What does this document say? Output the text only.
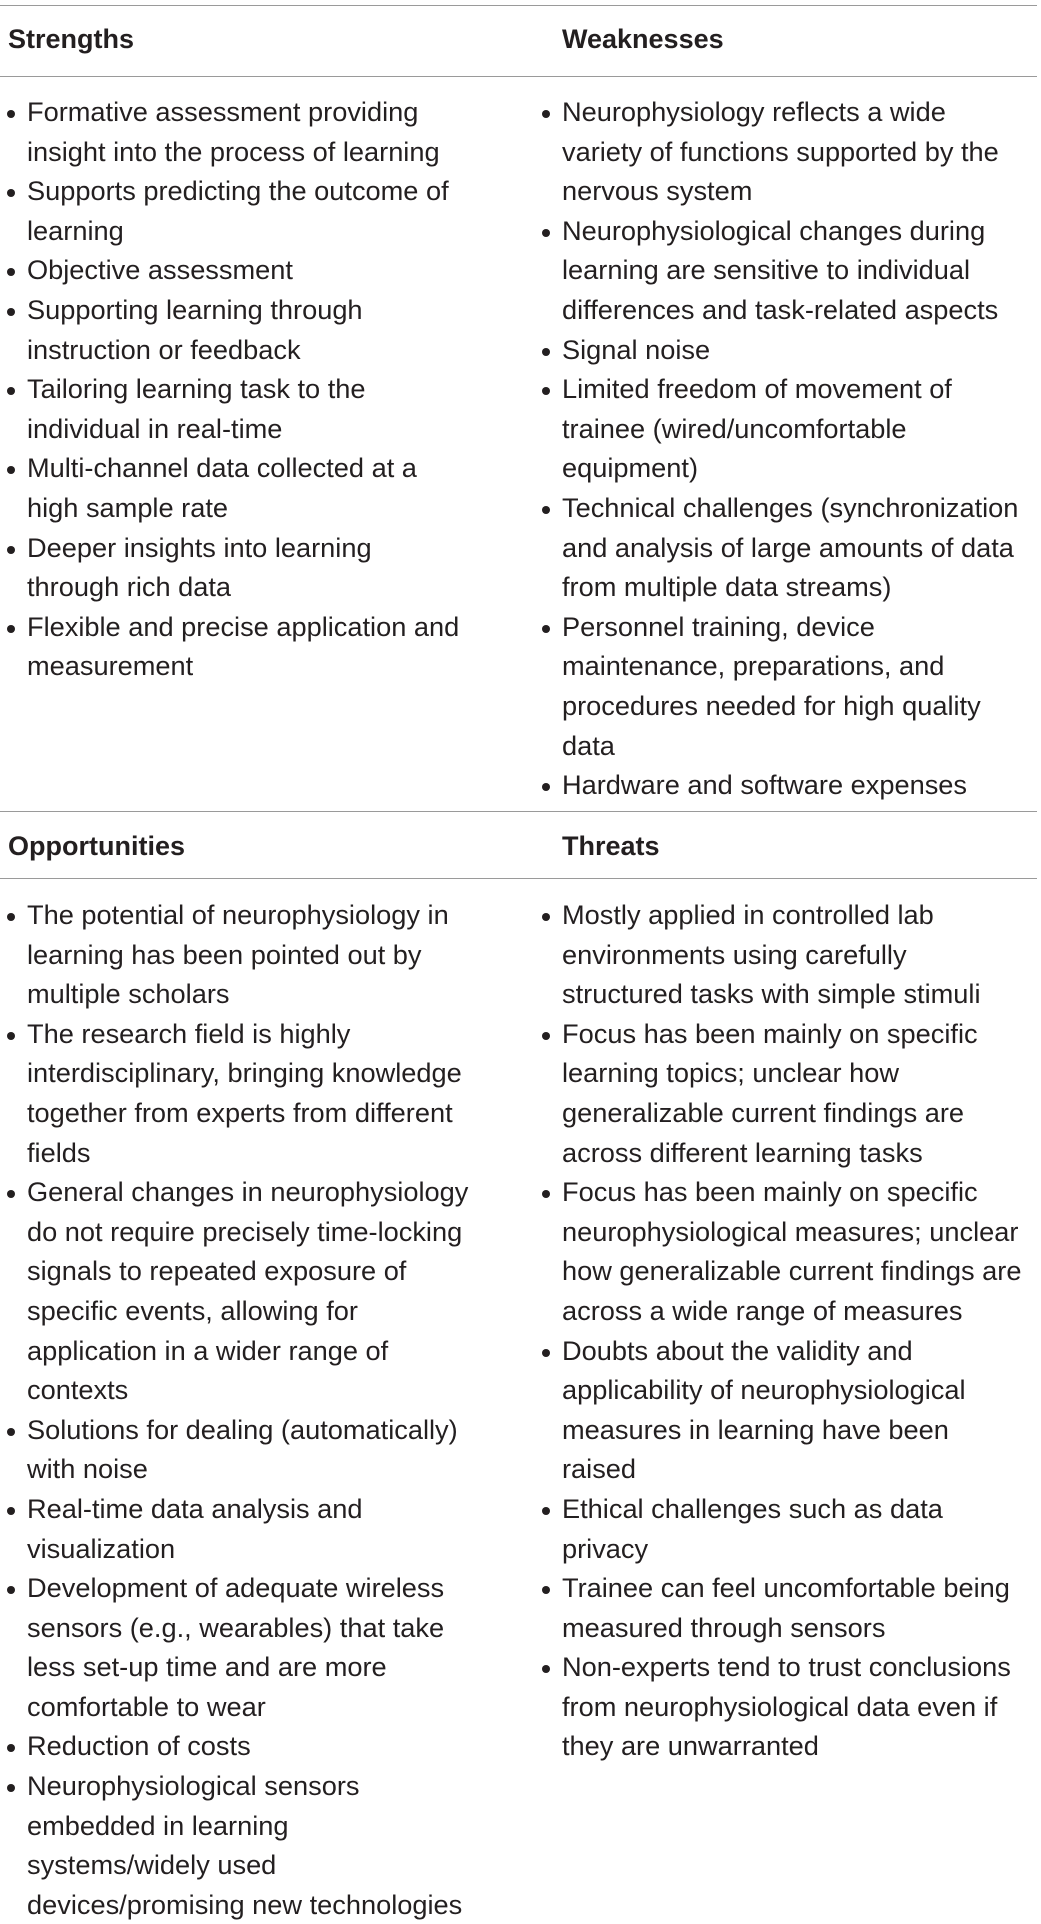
Strengths	Weaknesses
Formative assessment providing
insight into the process of learning
Supports predicting the outcome of
learning
Objective assessment
Supporting learning through
instruction or feedback
Tailoring learning task to the
individual in real-time
Multi-channel data collected at a
high sample rate
Deeper insights into learning
through rich data
Flexible and precise application and
measurement
Neurophysiology reflects a wide
variety of functions supported by the
nervous system
Neurophysiological changes during
learning are sensitive to individual
differences and task-related aspects
Signal noise
Limited freedom of movement of
trainee (wired/uncomfortable
equipment)
Technical challenges (synchronization
and analysis of large amounts of data
from multiple data streams)
Personnel training, device
maintenance, preparations, and
procedures needed for high quality
data
Hardware and software expenses
Opportunities	Threats
The potential of neurophysiology in
learning has been pointed out by
multiple scholars
The research field is highly
interdisciplinary, bringing knowledge
together from experts from different
fields
General changes in neurophysiology
do not require precisely time-locking
signals to repeated exposure of
specific events, allowing for
application in a wider range of
contexts
Solutions for dealing (automatically)
with noise
Real-time data analysis and
visualization
Development of adequate wireless
sensors (e.g., wearables) that take
less set-up time and are more
comfortable to wear
Reduction of costs
Neurophysiological sensors
embedded in learning
systems/widely used
devices/promising new technologies
Mostly applied in controlled lab
environments using carefully
structured tasks with simple stimuli
Focus has been mainly on specific
learning topics; unclear how
generalizable current findings are
across different learning tasks
Focus has been mainly on specific
neurophysiological measures; unclear
how generalizable current findings are
across a wide range of measures
Doubts about the validity and
applicability of neurophysiological
measures in learning have been
raised
Ethical challenges such as data
privacy
Trainee can feel uncomfortable being
measured through sensors
Non-experts tend to trust conclusions
from neurophysiological data even if
they are unwarranted
